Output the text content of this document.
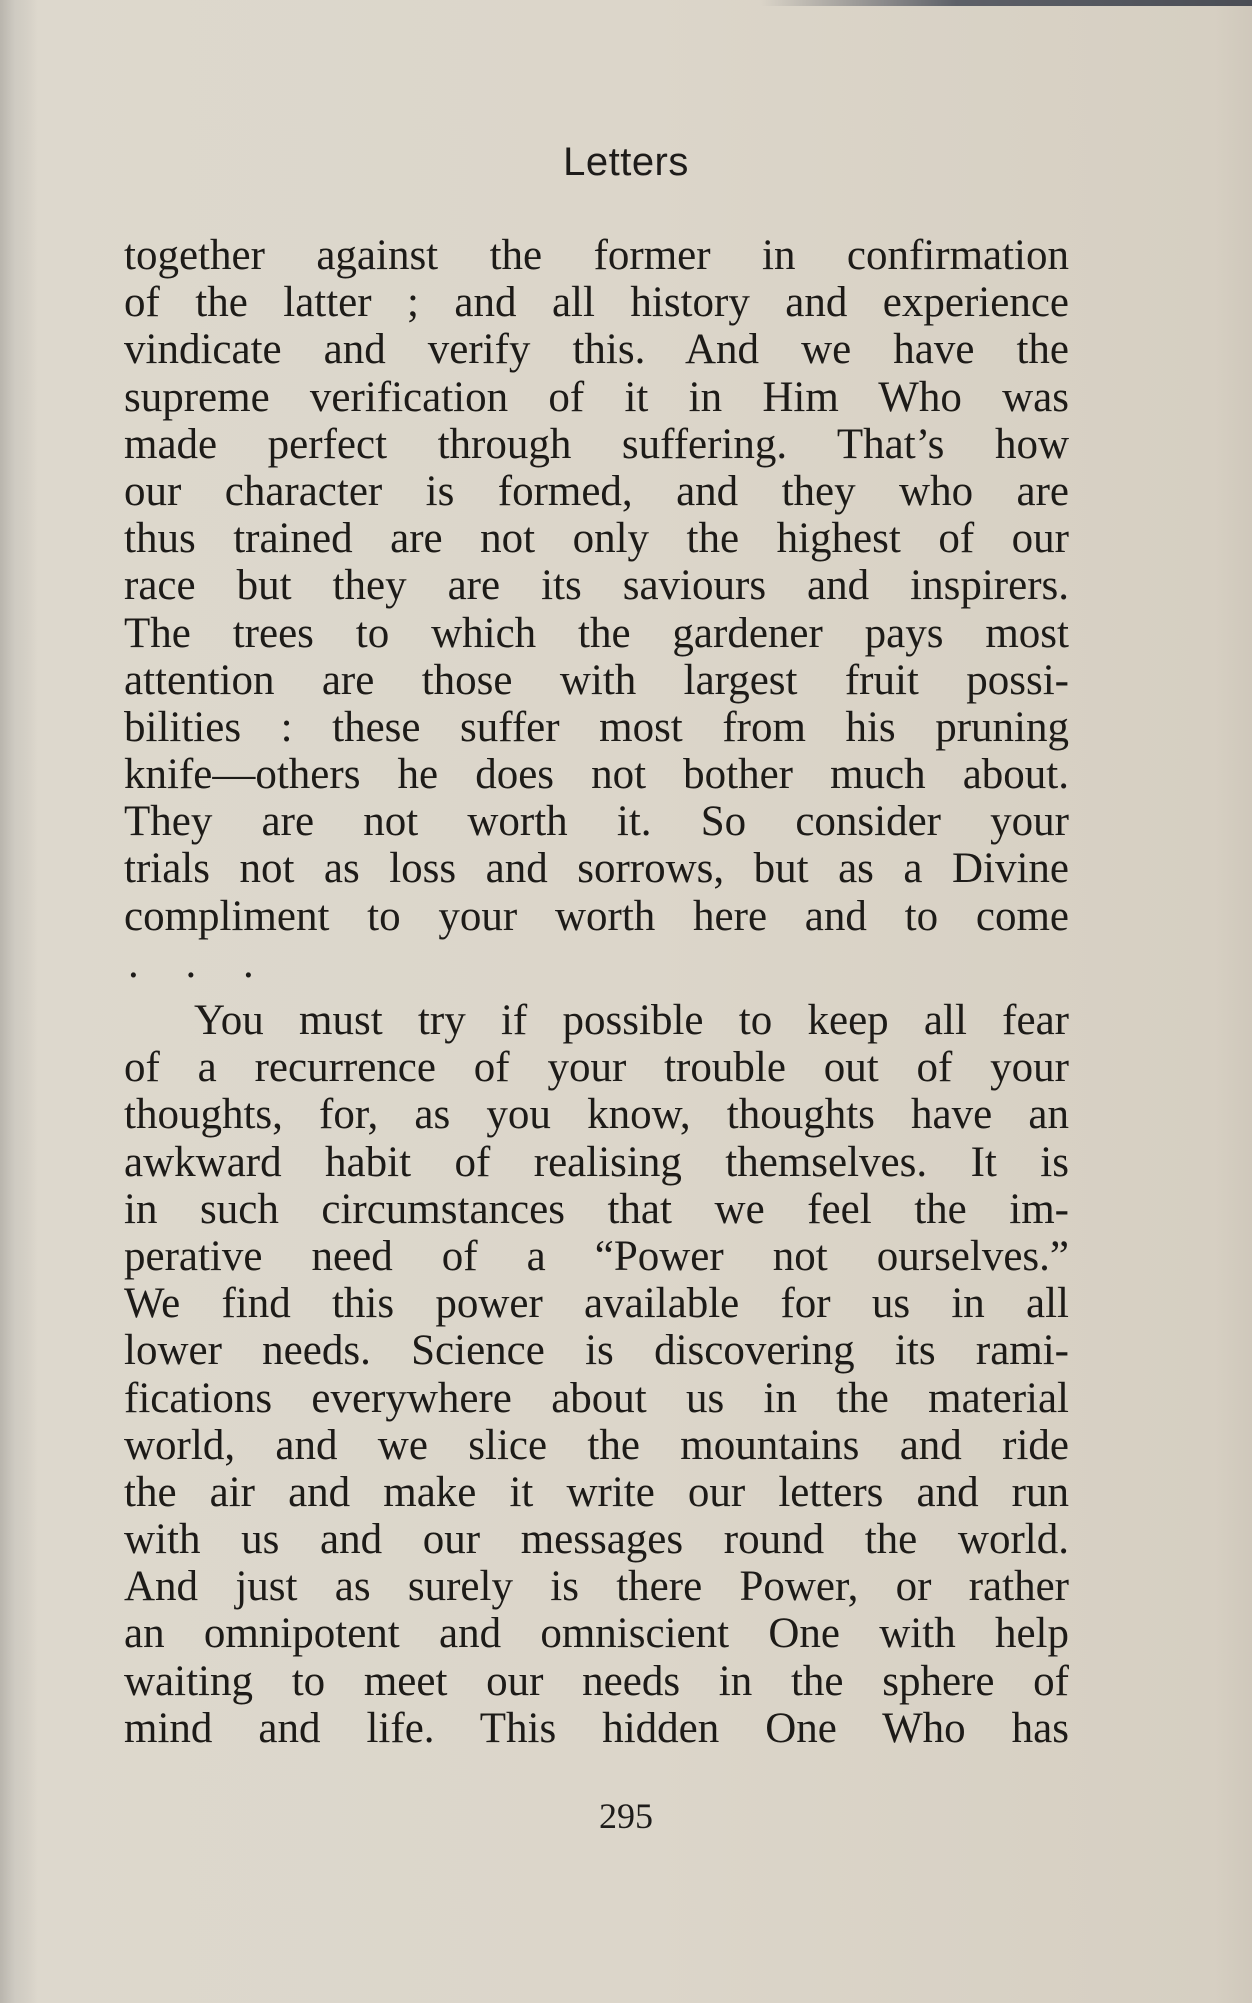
Letters
together against the former in confirmation
of the latter ; and all history and experience
vindicate and verify this. And we have the
supreme verification of it in Him Who was
made perfect through suffering. That’s how
our character is formed, and they who are
thus trained are not only the highest of our
race but they are its saviours and inspirers.
The trees to which the gardener pays most
attention are those with largest fruit possi-
bilities : these suffer most from his pruning
knife—others he does not bother much about.
They are not worth it. So consider your
trials not as loss and sorrows, but as a Divine
compliment to your worth here and to come
. . .
You must try if possible to keep all fear
of a recurrence of your trouble out of your
thoughts, for, as you know, thoughts have an
awkward habit of realising themselves. It is
in such circumstances that we feel the im-
perative need of a “Power not ourselves.”
We find this power available for us in all
lower needs. Science is discovering its rami-
fications everywhere about us in the material
world, and we slice the mountains and ride
the air and make it write our letters and run
with us and our messages round the world.
And just as surely is there Power, or rather
an omnipotent and omniscient One with help
waiting to meet our needs in the sphere of
mind and life. This hidden One Who has
295
